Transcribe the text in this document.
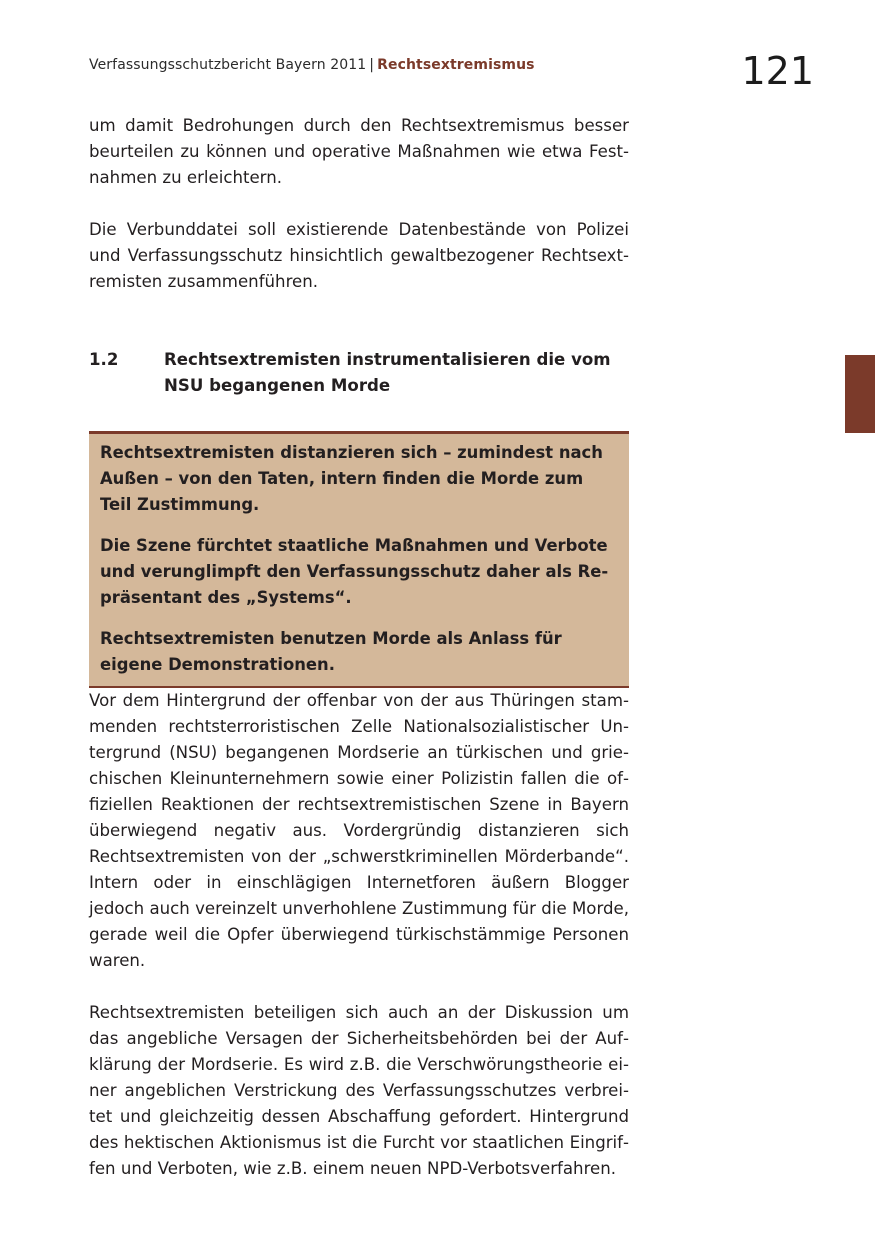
Verfassungsschutzbericht Bayern 2011 | Rechtsextremismus	121

um damit Bedrohungen durch den Rechtsextremismus besser beurteilen zu können und operative Maßnahmen wie etwa Festnahmen zu erleichtern.

Die Verbunddatei soll existierende Datenbestände von Polizei und Verfassungsschutz hinsichtlich gewaltbezogener Rechtsextremisten zusammenführen.

1.2	Rechtsextremisten instrumentalisieren die vom NSU begangenen Morde

Rechtsextremisten distanzieren sich – zumindest nach Außen – von den Taten, intern finden die Morde zum Teil Zustimmung.

Die Szene fürchtet staatliche Maßnahmen und Verbote und verunglimpft den Verfassungsschutz daher als Repräsentant des „Systems“.

Rechtsextremisten benutzen Morde als Anlass für eigene Demonstrationen.

Vor dem Hintergrund der offenbar von der aus Thüringen stammenden rechtsterroristischen Zelle Nationalsozialistischer Untergrund (NSU) begangenen Mordserie an türkischen und griechischen Kleinunternehmern sowie einer Polizistin fallen die offiziellen Reaktionen der rechtsextremistischen Szene in Bayern überwiegend negativ aus. Vordergründig distanzieren sich Rechtsextremisten von der „schwerstkriminellen Mörderbande“. Intern oder in einschlägigen Internetforen äußern Blogger jedoch auch vereinzelt unverhohlene Zustimmung für die Morde, gerade weil die Opfer überwiegend türkischstämmige Personen waren.

Rechtsextremisten beteiligen sich auch an der Diskussion um das angebliche Versagen der Sicherheitsbehörden bei der Aufklärung der Mordserie. Es wird z.B. die Verschwörungstheorie einer angeblichen Verstrickung des Verfassungsschutzes verbreitet und gleichzeitig dessen Abschaffung gefordert. Hintergrund des hektischen Aktionismus ist die Furcht vor staatlichen Eingriffen und Verboten, wie z.B. einem neuen NPD-Verbotsverfahren.
